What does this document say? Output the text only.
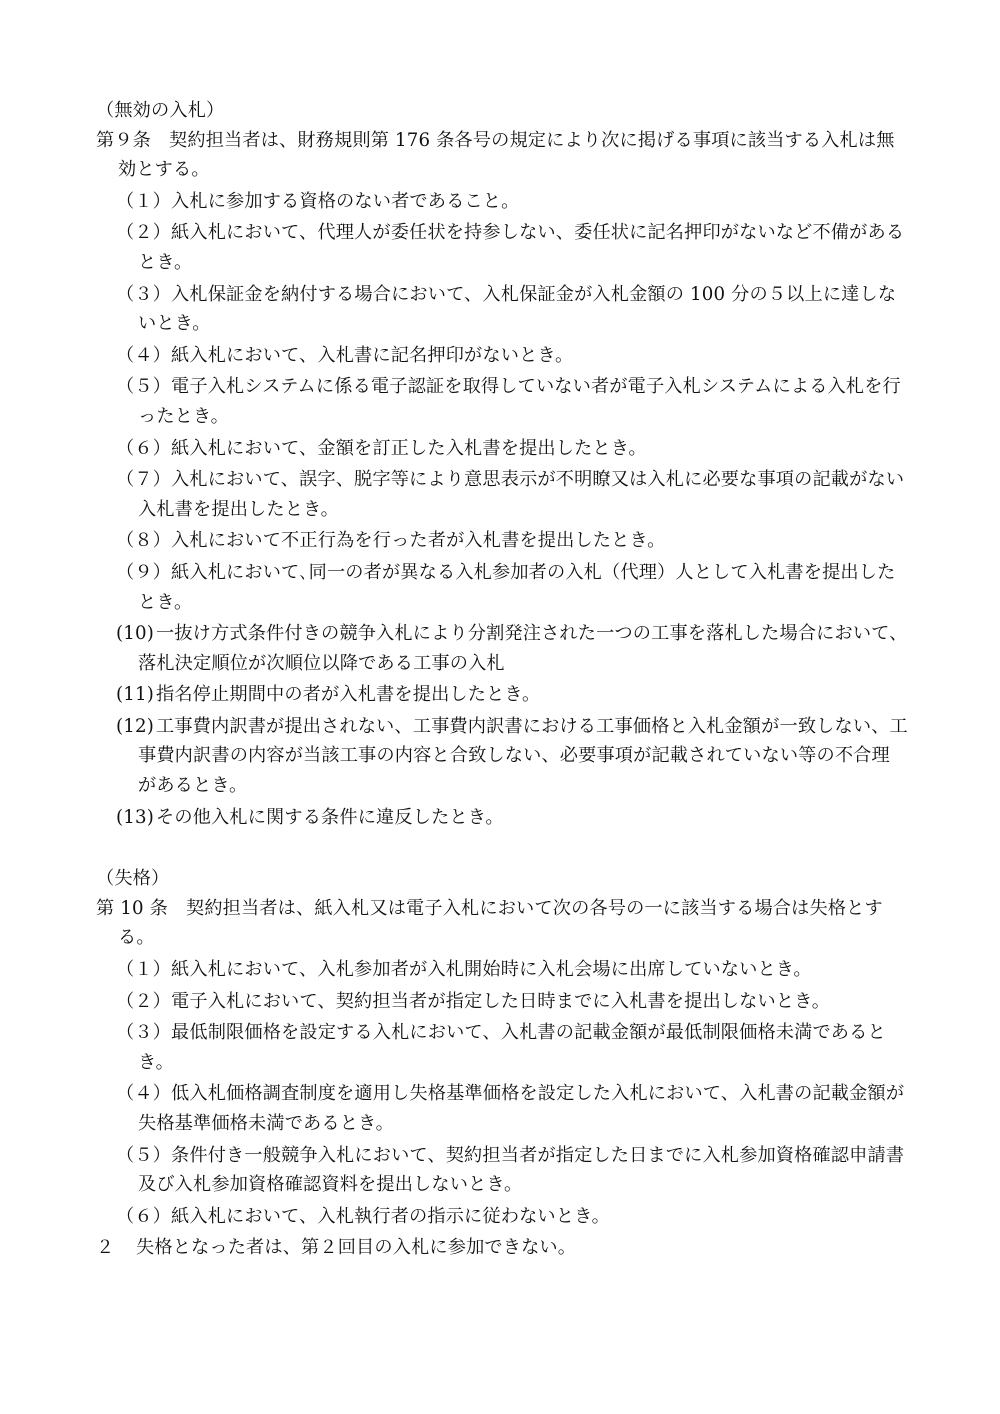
（無効の入札）

第９条 契約担当者は、財務規則第 176 条各号の規定により次に掲げる事項に該当する入札は無効とする。

（１）入札に参加する資格のない者であること。
（２）紙入札において、代理人が委任状を持参しない、委任状に記名押印がないなど不備があるとき。
（３）入札保証金を納付する場合において、入札保証金が入札金額の 100 分の５以上に達しないとき。
（４）紙入札において、入札書に記名押印がないとき。
（５）電子入札システムに係る電子認証を取得していない者が電子入札システムによる入札を行ったとき。
（６）紙入札において、金額を訂正した入札書を提出したとき。
（７）入札において、誤字、脱字等により意思表示が不明瞭又は入札に必要な事項の記載がない入札書を提出したとき。
（８）入札において不正行為を行った者が入札書を提出したとき。
（９）紙入札において､同一の者が異なる入札参加者の入札（代理）人として入札書を提出したとき。
(10) 一抜け方式条件付きの競争入札により分割発注された一つの工事を落札した場合において、落札決定順位が次順位以降である工事の入札
(11) 指名停止期間中の者が入札書を提出したとき。
(12) 工事費内訳書が提出されない、工事費内訳書における工事価格と入札金額が一致しない、工事費内訳書の内容が当該工事の内容と合致しない、必要事項が記載されていない等の不合理があるとき。
(13) その他入札に関する条件に違反したとき。

（失格）

第 10 条 契約担当者は、紙入札又は電子入札において次の各号の一に該当する場合は失格とする。

（１）紙入札において、入札参加者が入札開始時に入札会場に出席していないとき。
（２）電子入札において、契約担当者が指定した日時までに入札書を提出しないとき。
（３）最低制限価格を設定する入札において、入札書の記載金額が最低制限価格未満であるとき。
（４）低入札価格調査制度を適用し失格基準価格を設定した入札において、入札書の記載金額が失格基準価格未満であるとき。
（５）条件付き一般競争入札において、契約担当者が指定した日までに入札参加資格確認申請書及び入札参加資格確認資料を提出しないとき。
（６）紙入札において、入札執行者の指示に従わないとき。

２ 失格となった者は、第２回目の入札に参加できない。
